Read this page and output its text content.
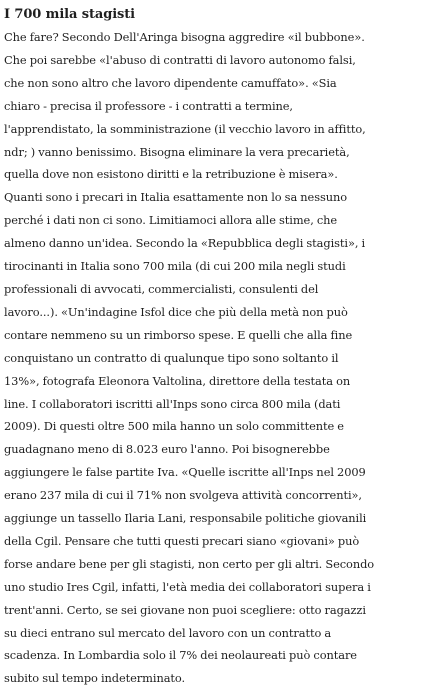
I 700 mila stagisti

Che fare? Secondo Dell'Aringa bisogna aggredire «il bubbone».
Che poi sarebbe «l'abuso di contratti di lavoro autonomo falsi,
che non sono altro che lavoro dipendente camuffato». «Sia
chiaro - precisa il professore - i contratti a termine,
l'apprendistato, la somministrazione (il vecchio lavoro in affitto,
ndr; ) vanno benissimo. Bisogna eliminare la vera precarietà,
quella dove non esistono diritti e la retribuzione è misera».
Quanti sono i precari in Italia esattamente non lo sa nessuno
perché i dati non ci sono. Limitiamoci allora alle stime, che
almeno danno un'idea. Secondo la «Repubblica degli stagisti», i
tirocinanti in Italia sono 700 mila (di cui 200 mila negli studi
professionali di avvocati, commercialisti, consulenti del
lavoro...). «Un'indagine Isfol dice che più della metà non può
contare nemmeno su un rimborso spese. E quelli che alla fine
conquistano un contratto di qualunque tipo sono soltanto il
13%», fotografa Eleonora Valtolina, direttore della testata on
line. I collaboratori iscritti all'Inps sono circa 800 mila (dati
2009). Di questi oltre 500 mila hanno un solo committente e
guadagnano meno di 8.023 euro l'anno. Poi bisognerebbe
aggiungere le false partite Iva. «Quelle iscritte all'Inps nel 2009
erano 237 mila di cui il 71% non svolgeva attività concorrenti»,
aggiunge un tassello Ilaria Lani, responsabile politiche giovanili
della Cgil. Pensare che tutti questi precari siano «giovani» può
forse andare bene per gli stagisti, non certo per gli altri. Secondo
uno studio Ires Cgil, infatti, l'età media dei collaboratori supera i
trent'anni. Certo, se sei giovane non puoi scegliere: otto ragazzi
su dieci entrano sul mercato del lavoro con un contratto a
scadenza. In Lombardia solo il 7% dei neolaureati può contare
subito sul tempo indeterminato.
